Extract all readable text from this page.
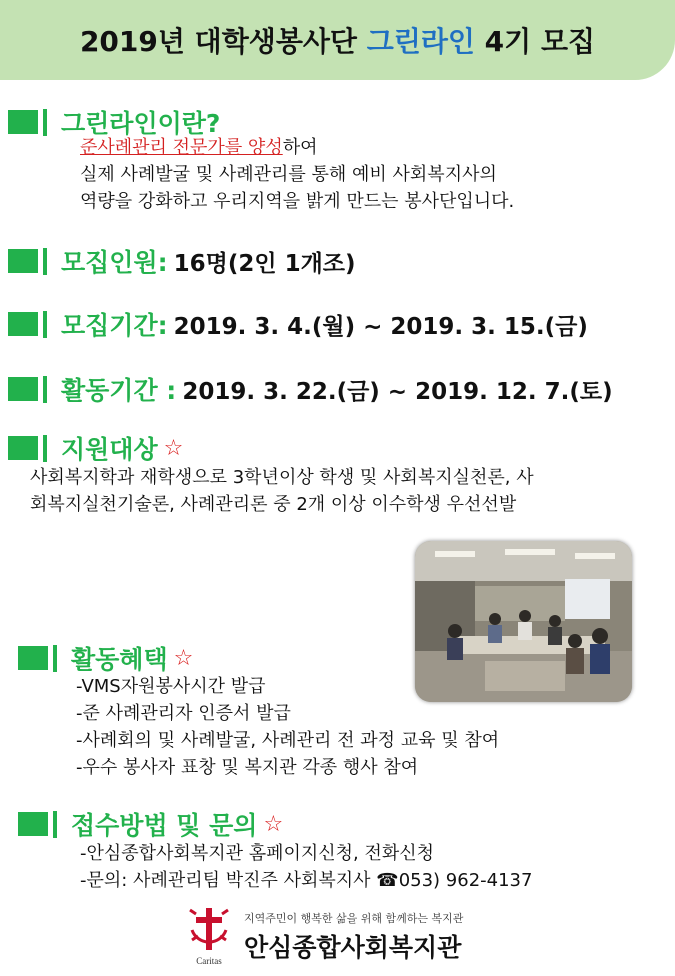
2019년 대학생봉사단 그린라인 4기 모집
그린라인이란?
준사례관리 전문가를 양성하여
실제 사례발굴 및 사례관리를 통해 예비 사회복지사의
역량을 강화하고 우리지역을 밝게 만드는 봉사단입니다.
모집인원: 16명(2인 1개조)
모집기간: 2019. 3. 4.(월) ~ 2019. 3. 15.(금)
활동기간 : 2019. 3. 22.(금) ~ 2019. 12. 7.(토)
지원대상 ☆
사회복지학과 재학생으로 3학년이상 학생 및 사회복지실천론, 사
회복지실천기술론, 사례관리론 중 2개 이상 이수학생 우선선발
활동혜택 ☆
-VMS자원봉사시간 발급
-준 사례관리자 인증서 발급
-사례회의 및 사례발굴, 사례관리 전 과정 교육 및 참여
-우수 봉사자 표창 및 복지관 각종 행사 참여
접수방법 및 문의 ☆
-안심종합사회복지관 홈페이지신청, 전화신청
-문의: 사례관리팀 박진주 사회복지사 ☎053) 962-4137
Caritas
지역주민이 행복한 삶을 위해 함께하는 복지관
안심종합사회복지관
